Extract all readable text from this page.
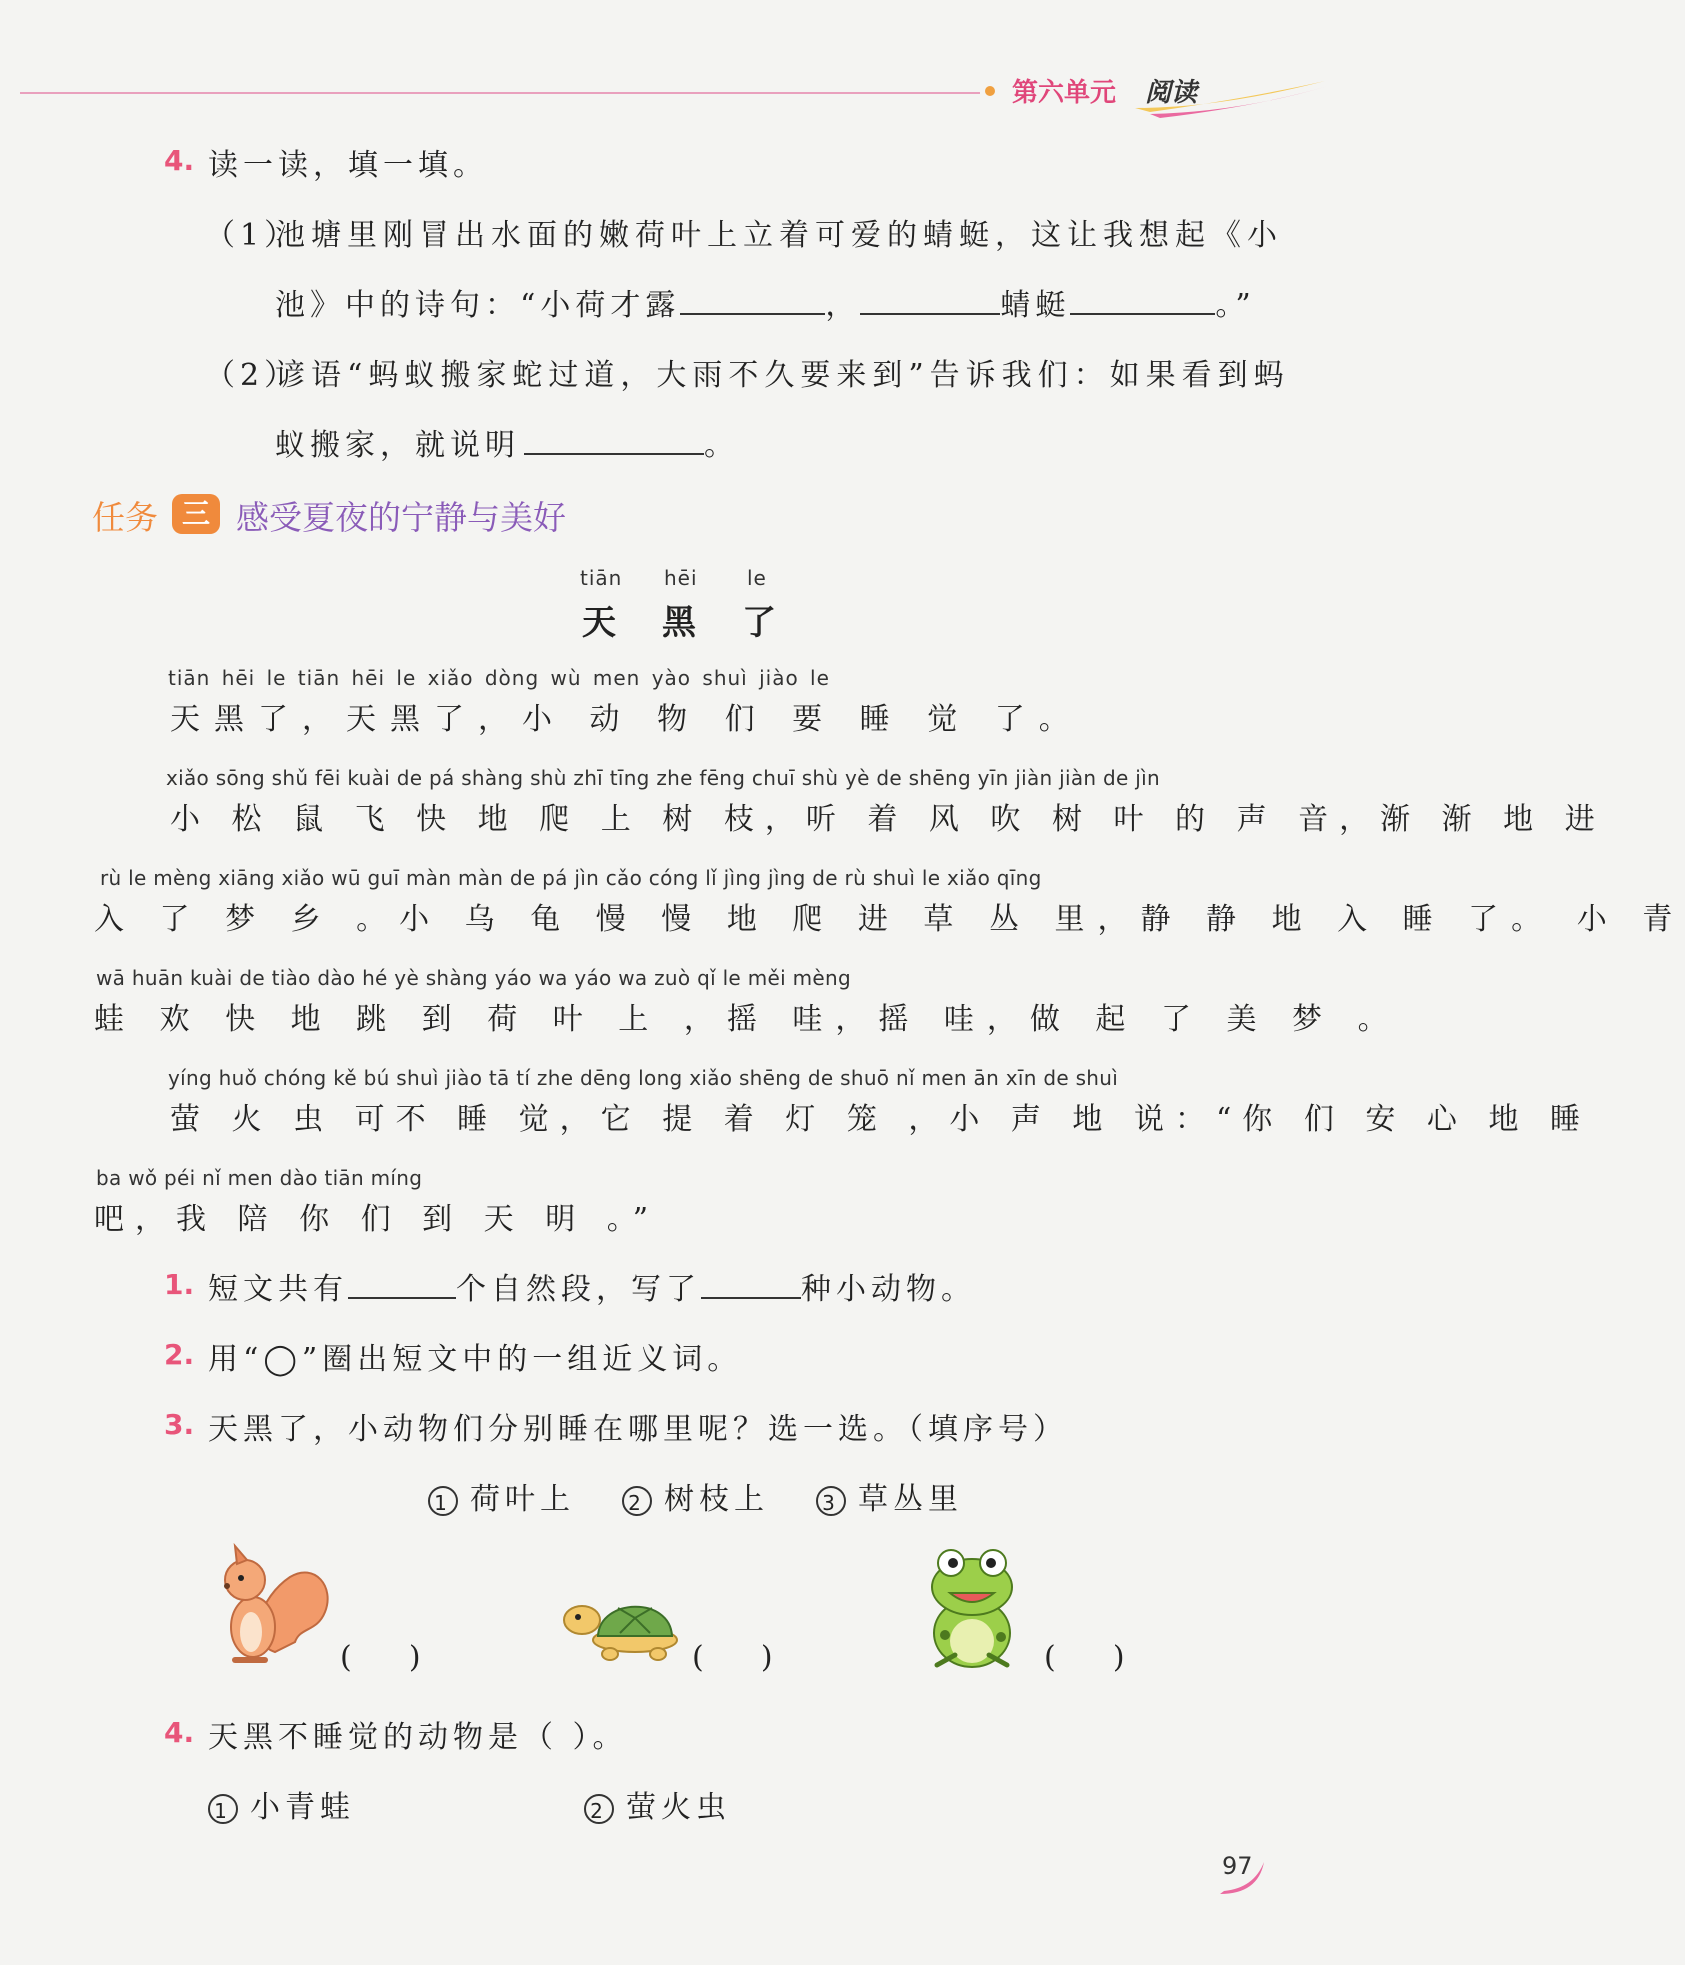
第六单元 阅读
4. 读一读，填一填。
（1）
池塘里刚冒出水面的嫩荷叶上立着可爱的蜻蜓，这让我想起《小
池》中的诗句：“小荷才露	，	蜻蜓	。”
（2）
谚语“蚂蚁搬家蛇过道，大雨不久要来到”告诉我们：如果看到蚂
蚁搬家，就说明	。
任务 三 感受夏夜的宁静与美好
tiān hēi le
天 黑 了
tiān hēi le tiān hēi le xiǎo dòng wù men yào shuì jiào le
天黑了，天黑了，小 动 物 们 要 睡 觉 了。
xiǎo sōng shǔ fēi kuài de pá shàng shù zhī tīng zhe fēng chuī shù yè de shēng yīn jiàn jiàn de jìn
小 松 鼠 飞 快 地 爬 上 树 枝，听 着 风 吹 树 叶 的 声 音，渐 渐 地 进
rù le mèng xiāng xiǎo wū guī màn màn de pá jìn cǎo cóng lǐ jìng jìng de rù shuì le xiǎo qīng
入 了 梦 乡 。小 乌 龟 慢 慢 地 爬 进 草 丛 里，静 静 地 入 睡 了。 小 青
wā huān kuài de tiào dào hé yè shàng yáo wa yáo wa zuò qǐ le měi mèng
蛙 欢 快 地 跳 到 荷 叶 上 ，摇 哇，摇 哇，做 起 了 美 梦 。
yíng huǒ chóng kě bú shuì jiào tā tí zhe dēng long xiǎo shēng de shuō nǐ men ān xīn de shuì
萤 火 虫 可不 睡 觉，它 提 着 灯 笼 ，小 声 地 说：“你 们 安 心 地 睡
ba wǒ péi nǐ men dào tiān míng
吧，我 陪 你 们 到 天 明 。”
1. 短文共有	个自然段，写了	种小动物。
2. 用“◯”圈出短文中的一组近义词。
3. 天黑了，小动物们分别睡在哪里呢？选一选。（填序号）
1 荷叶上	2 树枝上	3 草丛里
(      )	(      )	(      )
4. 天黑不睡觉的动物是（ ）。
1 小青蛙	2 萤火虫
97
